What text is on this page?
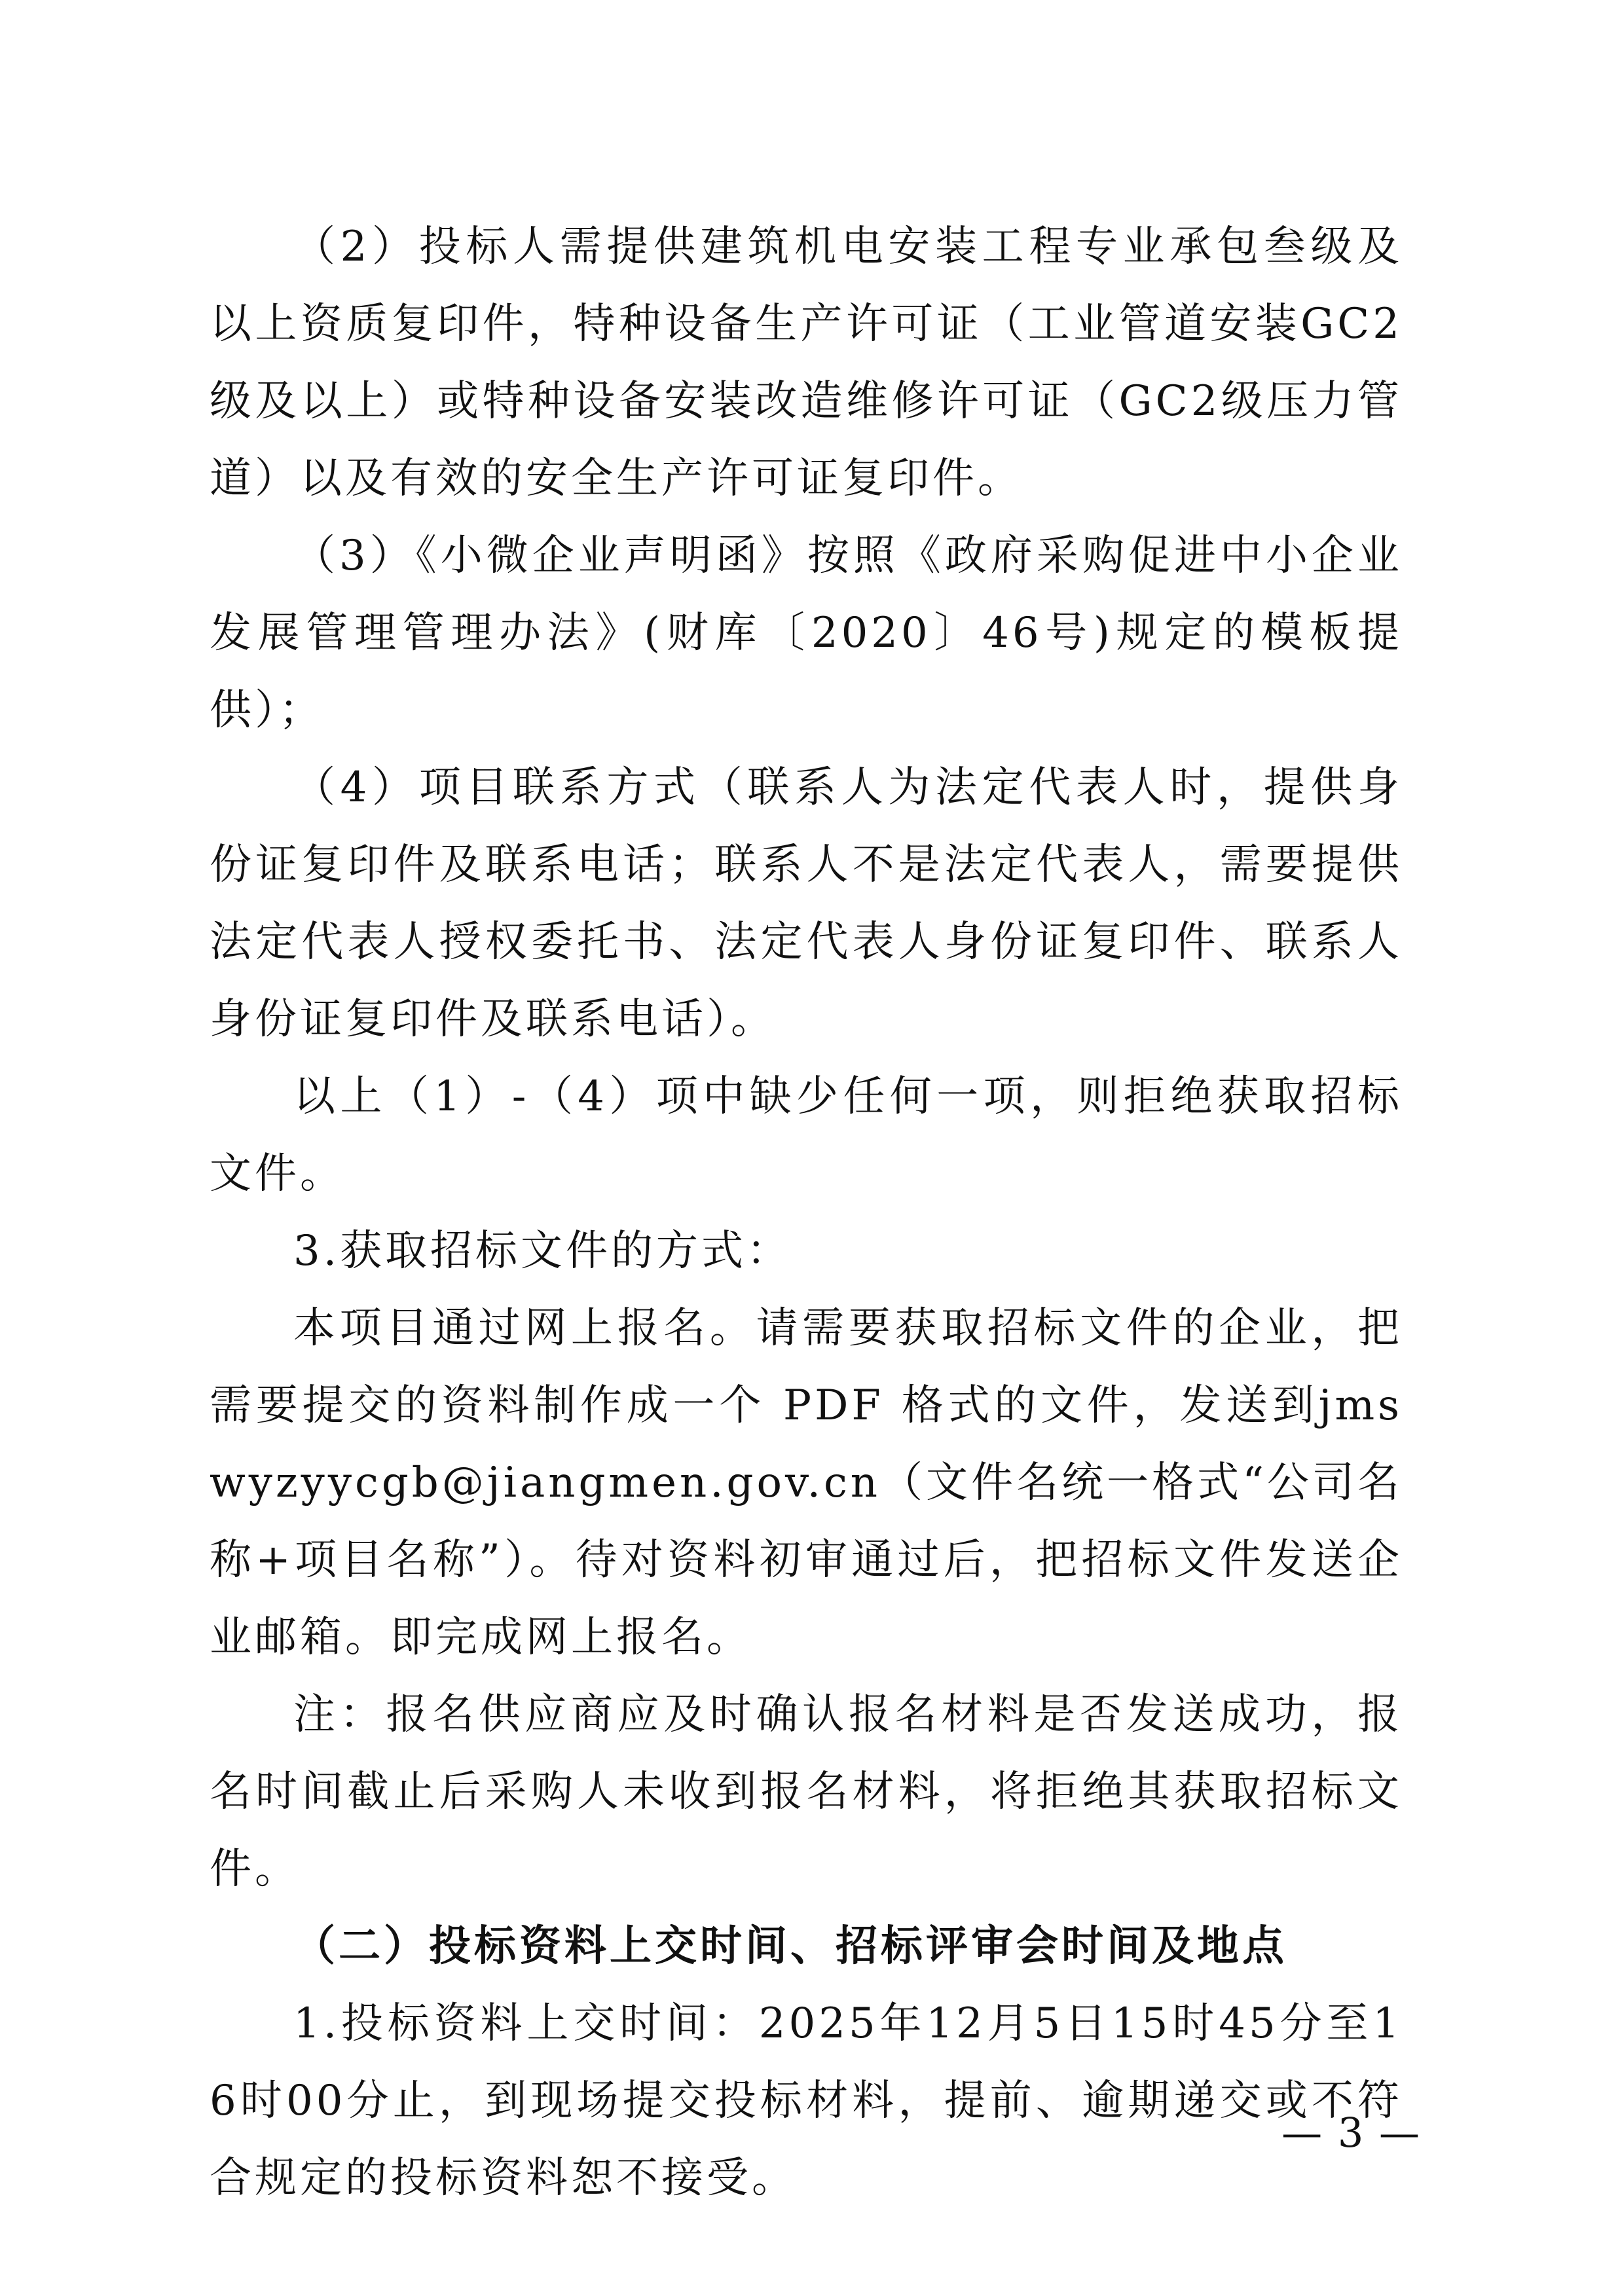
（2）投标人需提供建筑机电安装工程专业承包叁级及以上资质复印件，特种设备生产许可证（工业管道安装GC2级及以上）或特种设备安装改造维修许可证（GC2级压力管道）以及有效的安全生产许可证复印件。

（3）《小微企业声明函》按照《政府采购促进中小企业发展管理管理办法》(财库〔2020〕46号)规定的模板提供）；

（4）项目联系方式（联系人为法定代表人时，提供身份证复印件及联系电话；联系人不是法定代表人，需要提供法定代表人授权委托书、法定代表人身份证复印件、联系人身份证复印件及联系电话）。

以上（1）-（4）项中缺少任何一项，则拒绝获取招标文件。

3.获取招标文件的方式：

本项目通过网上报名。请需要获取招标文件的企业，把需要提交的资料制作成一个 PDF 格式的文件，发送到jmswyzyycgb@jiangmen.gov.cn（文件名统一格式“公司名称+项目名称”）。待对资料初审通过后，把招标文件发送企业邮箱。即完成网上报名。

注：报名供应商应及时确认报名材料是否发送成功，报名时间截止后采购人未收到报名材料，将拒绝其获取招标文件。

（二）投标资料上交时间、招标评审会时间及地点

1.投标资料上交时间：2025年12月5日15时45分至16时00分止，到现场提交投标材料，提前、逾期递交或不符合规定的投标资料恕不接受。

— 3 —
